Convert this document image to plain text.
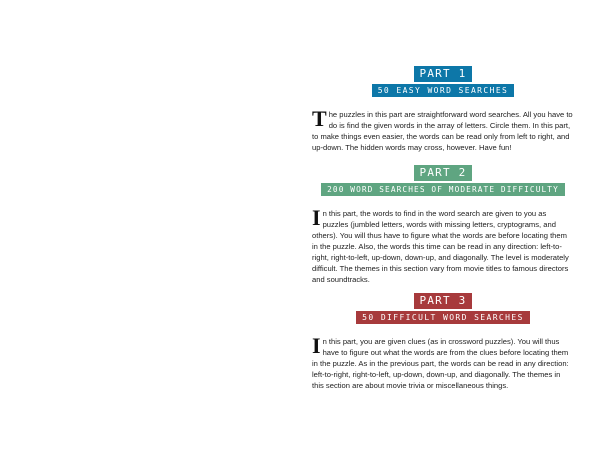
PART 1
50 EASY WORD SEARCHES

The puzzles in this part are straightforward word searches. All you have to do is find the given words in the array of letters. Circle them. In this part, to make things even easier, the words can be read only from left to right, and up-down. The hidden words may cross, however. Have fun!

PART 2
200 WORD SEARCHES OF MODERATE DIFFICULTY

In this part, the words to find in the word search are given to you as puzzles (jumbled letters, words with missing letters, cryptograms, and others). You will thus have to figure what the words are before locating them in the puzzle. Also, the words this time can be read in any direction: left-to-right, right-to-left, up-down, down-up, and diagonally. The level is moderately difficult. The themes in this section vary from movie titles to famous directors and soundtracks.

PART 3
50 DIFFICULT WORD SEARCHES

In this part, you are given clues (as in crossword puzzles). You will thus have to figure out what the words are from the clues before locating them in the puzzle. As in the previous part, the words can be read in any direction: left-to-right, right-to-left, up-down, down-up, and diagonally. The themes in this section are about movie trivia or miscellaneous things.
